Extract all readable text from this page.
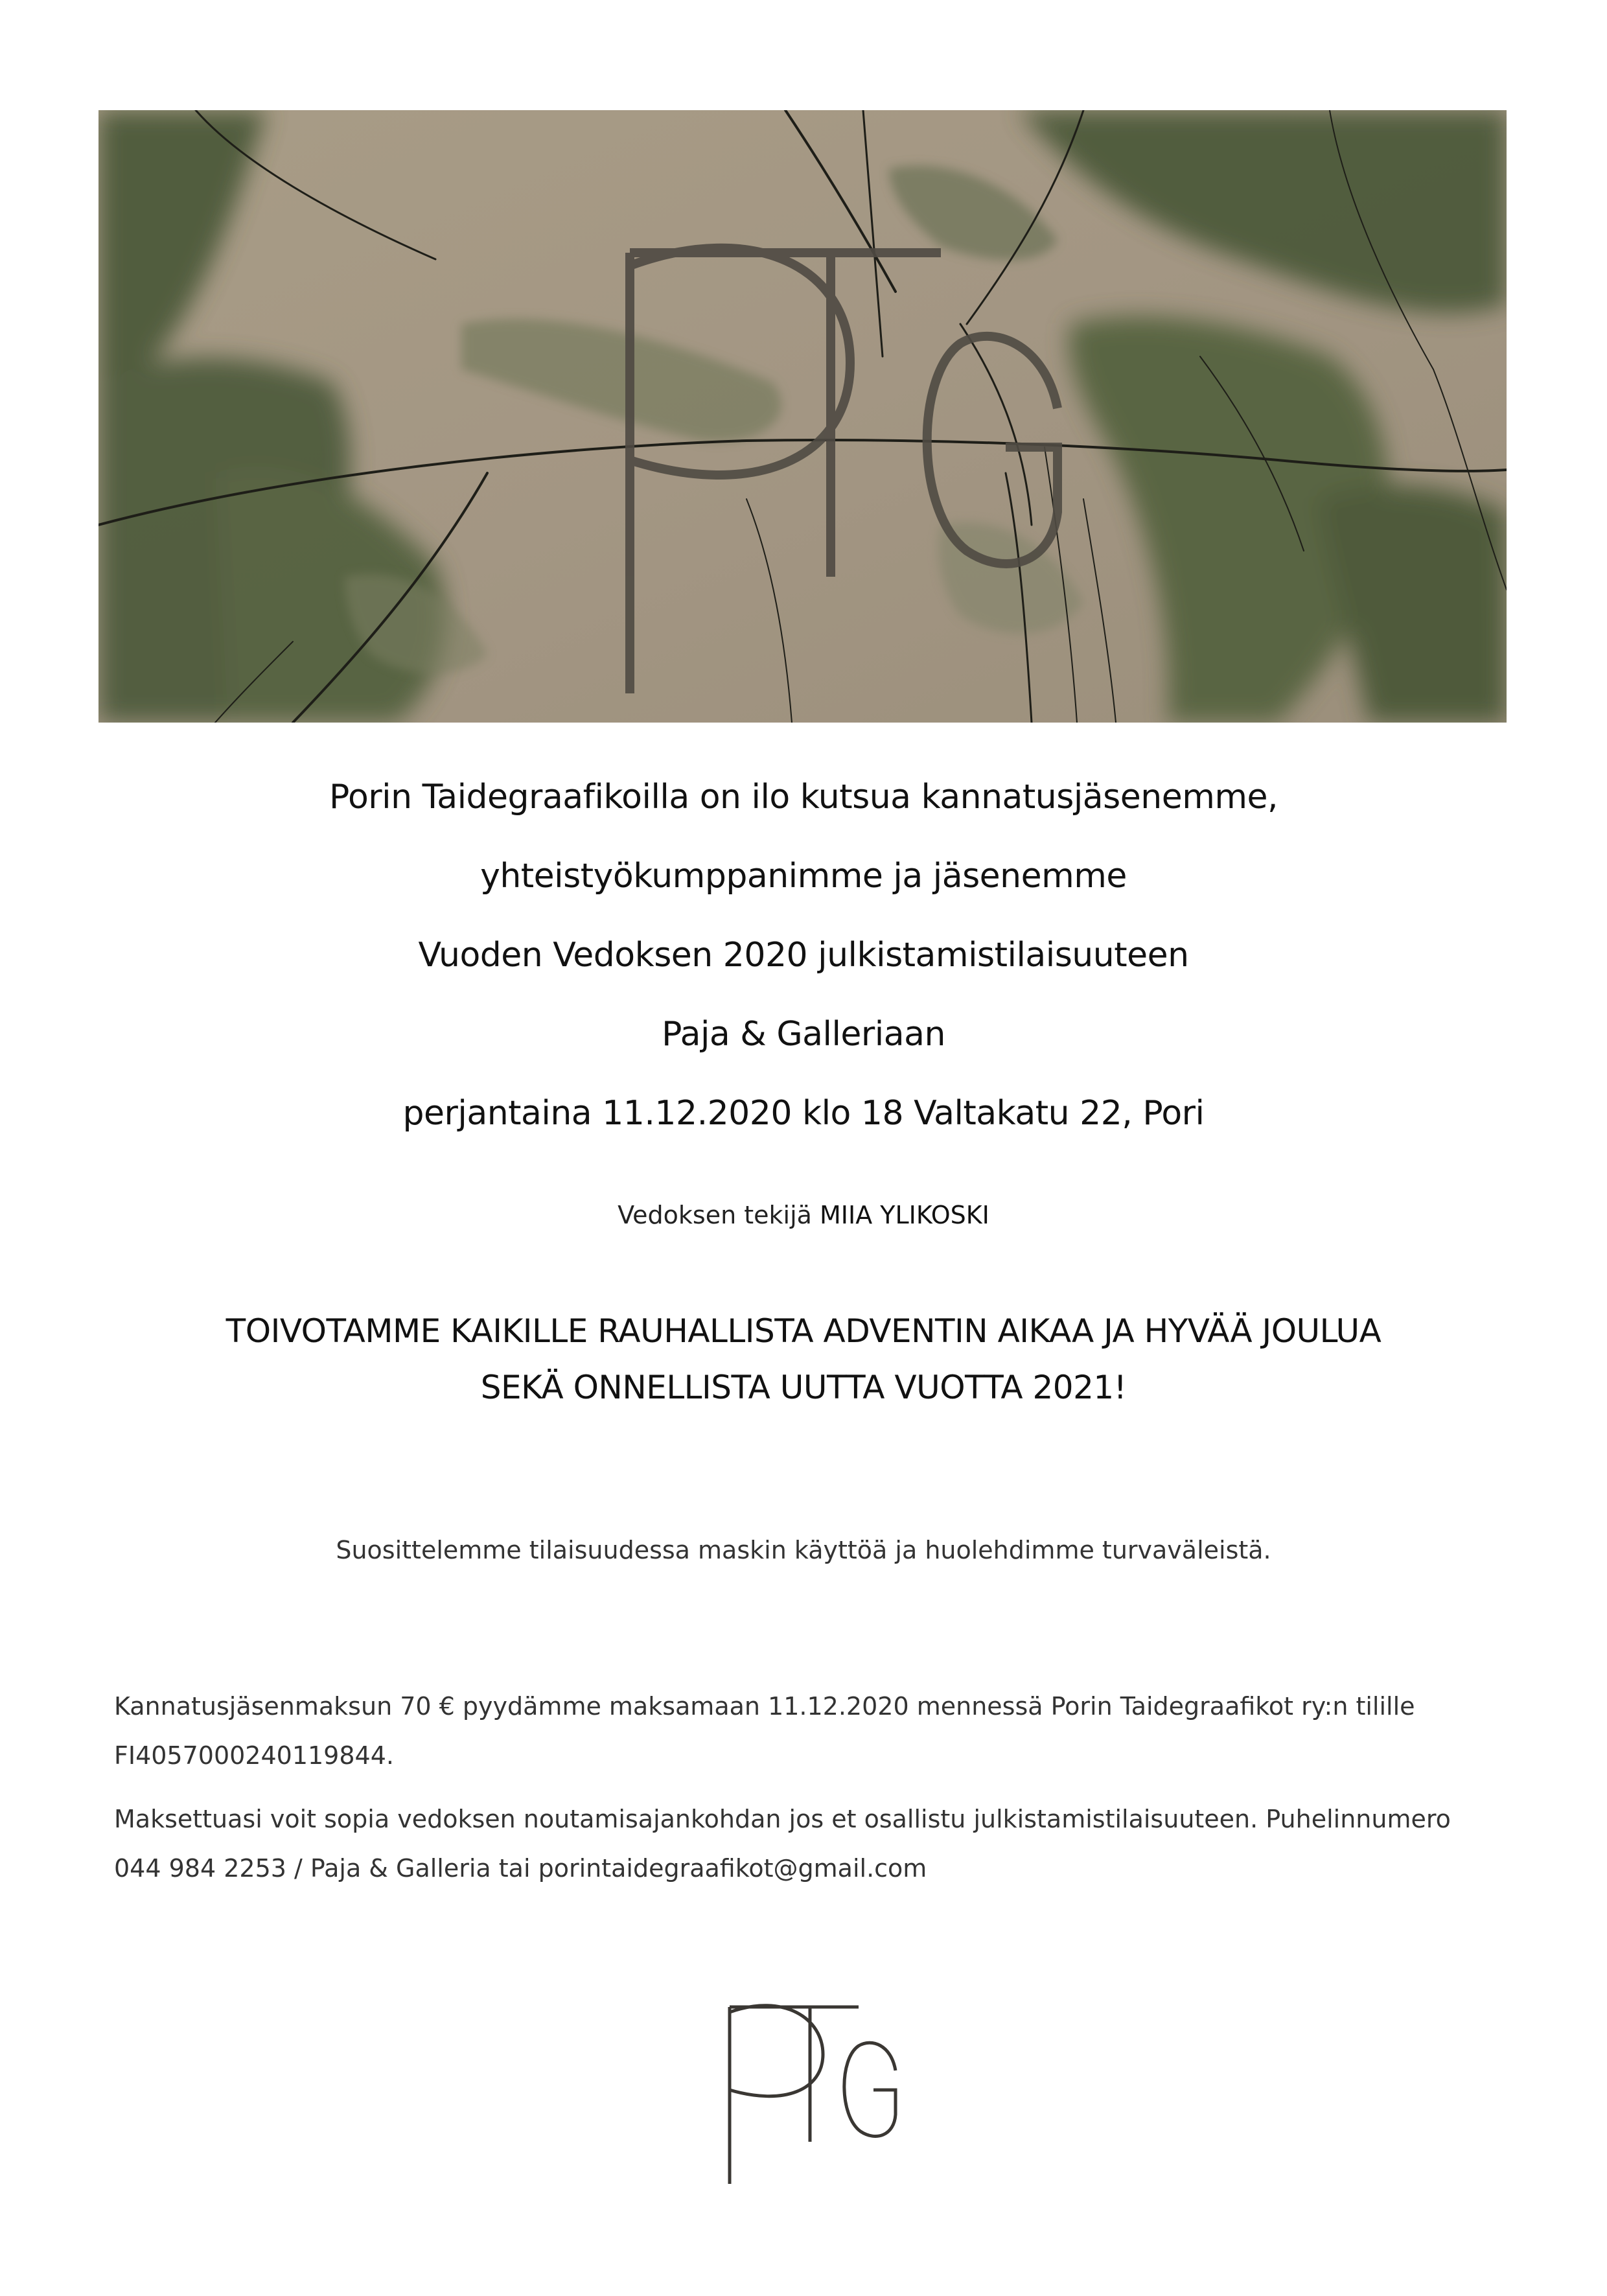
Porin Taidegraafikoilla on ilo kutsua kannatusjäsenemme,
yhteistyökumppanimme ja jäsenemme
Vuoden Vedoksen 2020 julkistamistilaisuuteen
Paja & Galleriaan
perjantaina 11.12.2020 klo 18 Valtakatu 22, Pori
Vedoksen tekijä MIIA YLIKOSKI
TOIVOTAMME KAIKILLE RAUHALLISTA ADVENTIN AIKAA JA HYVÄÄ JOULUA
SEKÄ ONNELLISTA UUTTA VUOTTA 2021!
Suosittelemme tilaisuudessa maskin käyttöä ja huolehdimme turvaväleistä.

Kannatusjäsenmaksun 70 € pyydämme maksamaan 11.12.2020 mennessä Porin Taidegraafikot ry:n tilille
FI4057000240119844.

Maksettuasi voit sopia vedoksen noutamisajankohdan jos et osallistu julkistamistilaisuuteen. Puhelinnumero
044 984 2253 / Paja & Galleria tai porintaidegraafikot@gmail.com
